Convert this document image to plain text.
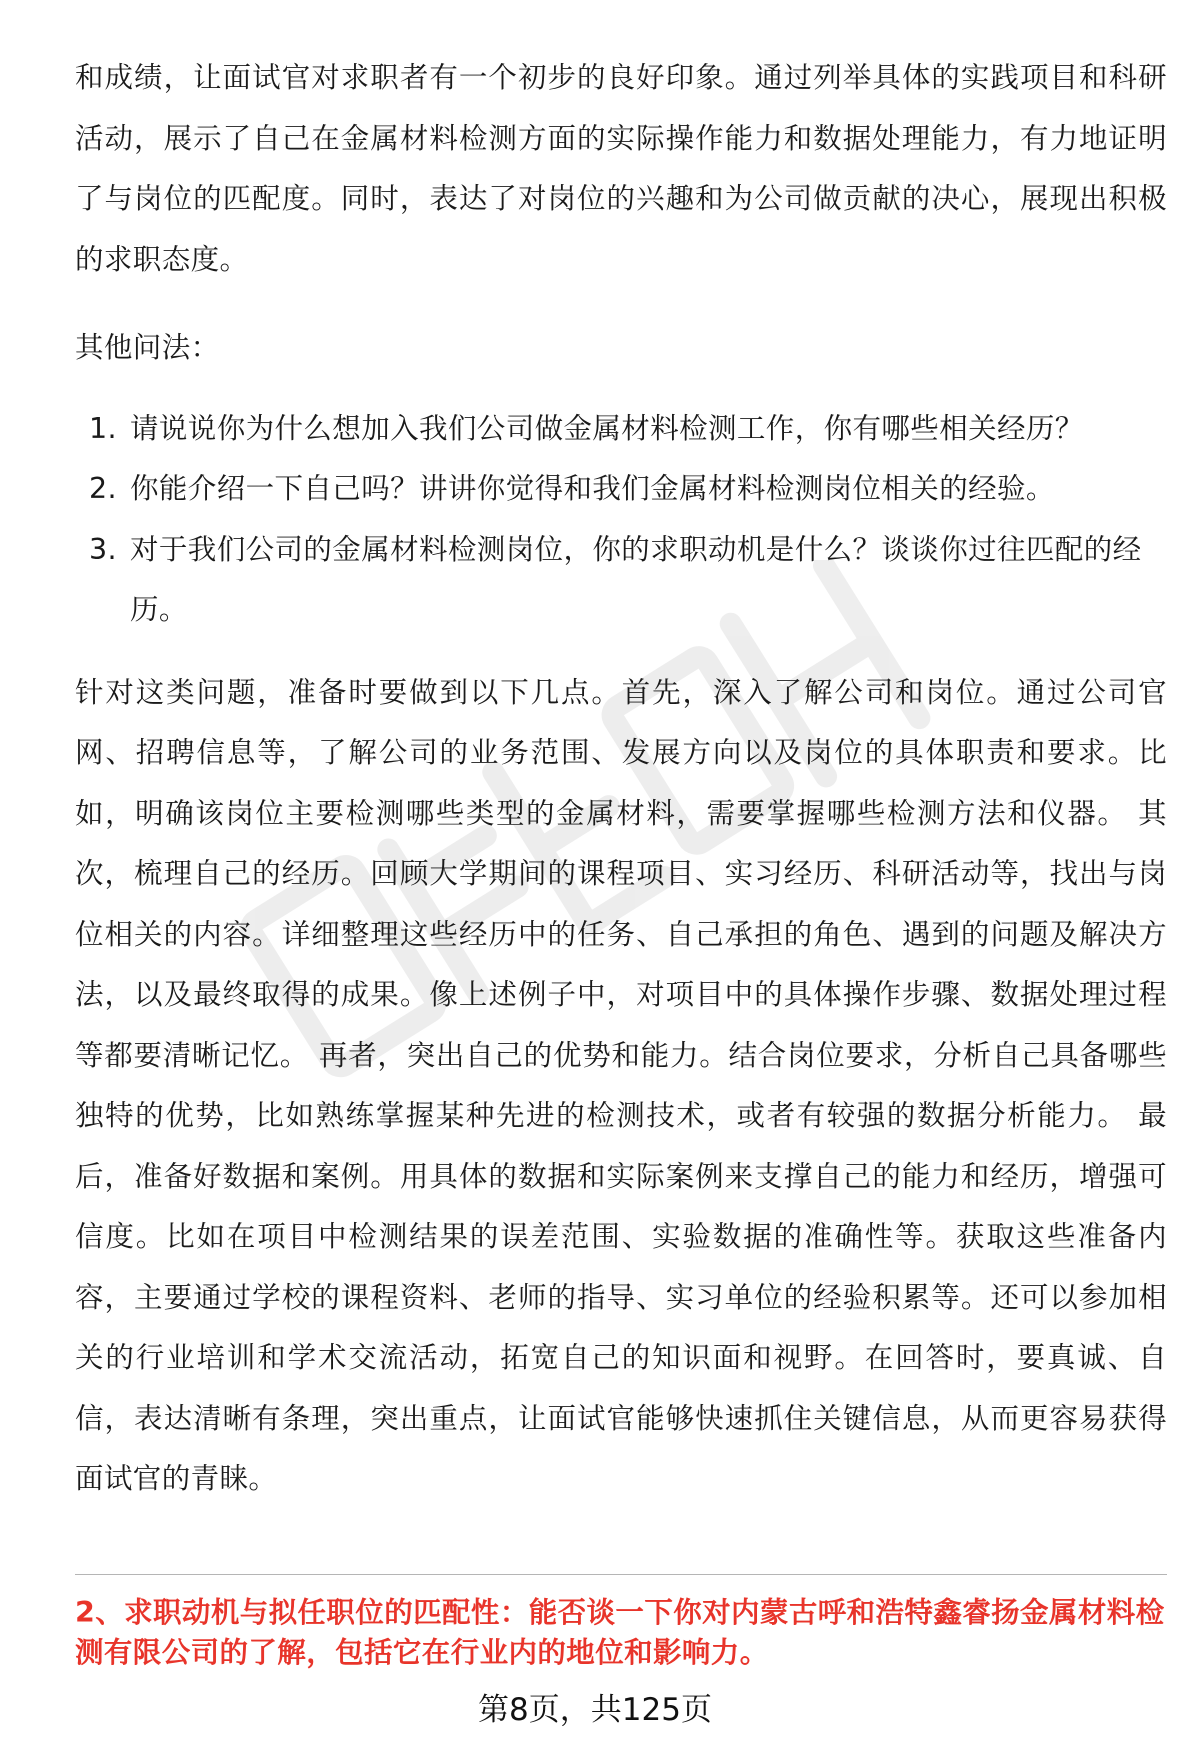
和成绩，让面试官对求职者有一个初步的良好印象。通过列举具体的实践项目和科研活动，展示了自己在金属材料检测方面的实际操作能力和数据处理能力，有力地证明了与岗位的匹配度。同时，表达了对岗位的兴趣和为公司做贡献的决心，展现出积极的求职态度。

其他问法：

1. 请说说你为什么想加入我们公司做金属材料检测工作，你有哪些相关经历？
2. 你能介绍一下自己吗？讲讲你觉得和我们金属材料检测岗位相关的经验。
3. 对于我们公司的金属材料检测岗位，你的求职动机是什么？谈谈你过往匹配的经历。

针对这类问题，准备时要做到以下几点。首先，深入了解公司和岗位。通过公司官网、招聘信息等，了解公司的业务范围、发展方向以及岗位的具体职责和要求。比如，明确该岗位主要检测哪些类型的金属材料，需要掌握哪些检测方法和仪器。 其次，梳理自己的经历。回顾大学期间的课程项目、实习经历、科研活动等，找出与岗位相关的内容。详细整理这些经历中的任务、自己承担的角色、遇到的问题及解决方法，以及最终取得的成果。像上述例子中，对项目中的具体操作步骤、数据处理过程等都要清晰记忆。 再者，突出自己的优势和能力。结合岗位要求，分析自己具备哪些独特的优势，比如熟练掌握某种先进的检测技术，或者有较强的数据分析能力。 最后，准备好数据和案例。用具体的数据和实际案例来支撑自己的能力和经历，增强可信度。比如在项目中检测结果的误差范围、实验数据的准确性等。获取这些准备内容，主要通过学校的课程资料、老师的指导、实习单位的经验积累等。还可以参加相关的行业培训和学术交流活动，拓宽自己的知识面和视野。在回答时，要真诚、自信，表达清晰有条理，突出重点，让面试官能够快速抓住关键信息，从而更容易获得面试官的青睐。

2、求职动机与拟任职位的匹配性：能否谈一下你对内蒙古呼和浩特鑫睿扬金属材料检测有限公司的了解，包括它在行业内的地位和影响力。
第8页，共125页
